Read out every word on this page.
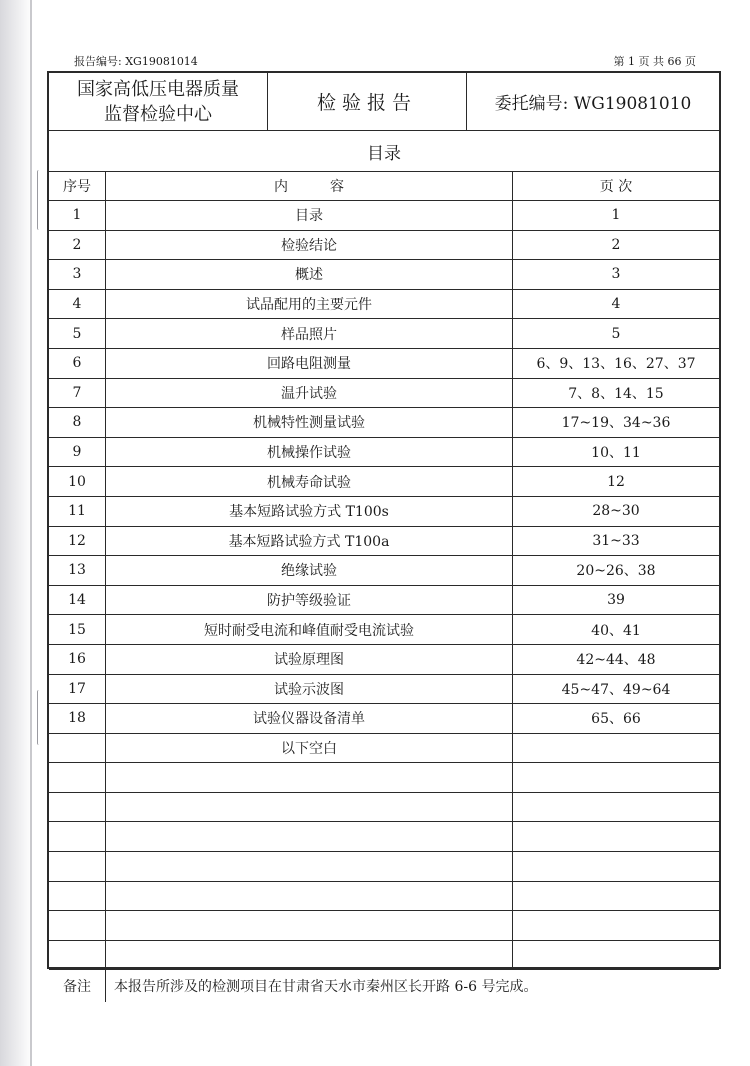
报告编号: XG19081014	第 1 页 共 66 页
国家高低压电器质量
监督检验中心	检验报告	委托编号: WG19081010
目录
序号	内　　　容	页 次
1	目录	1
2	检验结论	2
3	概述	3
4	试品配用的主要元件	4
5	样品照片	5
6	回路电阻测量	6、9、13、16、27、37
7	温升试验	7、8、14、15
8	机械特性测量试验	17~19、34~36
9	机械操作试验	10、11
10	机械寿命试验	12
11	基本短路试验方式 T100s	28~30
12	基本短路试验方式 T100a	31~33
13	绝缘试验	20~26、38
14	防护等级验证	39
15	短时耐受电流和峰值耐受电流试验	40、41
16	试验原理图	42~44、48
17	试验示波图	45~47、49~64
18	试验仪器设备清单	65、66
以下空白
备注	本报告所涉及的检测项目在甘肃省天水市秦州区长开路 6-6 号完成。
